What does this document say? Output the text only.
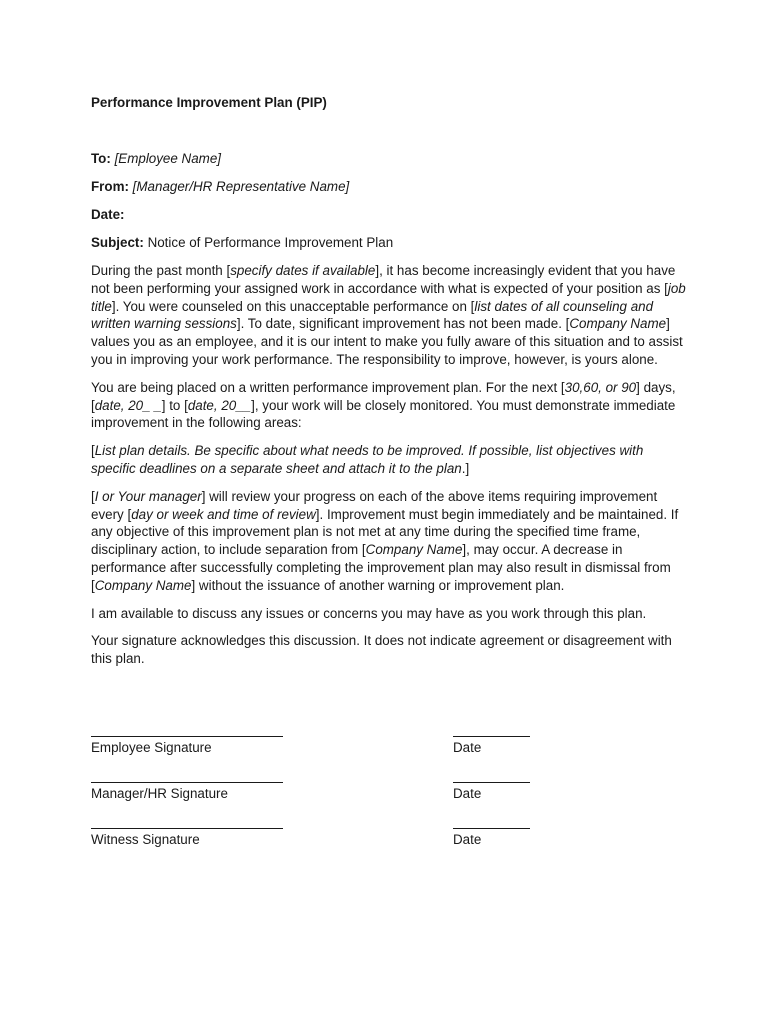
Performance Improvement Plan (PIP)

To: [Employee Name]

From: [Manager/HR Representative Name]

Date:

Subject: Notice of Performance Improvement Plan

During the past month [specify dates if available], it has become increasingly evident that you have not been performing your assigned work in accordance with what is expected of your position as [job title]. You were counseled on this unacceptable performance on [list dates of all counseling and written warning sessions]. To date, significant improvement has not been made. [Company Name] values you as an employee, and it is our intent to make you fully aware of this situation and to assist you in improving your work performance. The responsibility to improve, however, is yours alone.

You are being placed on a written performance improvement plan. For the next [30,60, or 90] days, [date, 20_ _] to [date, 20__], your work will be closely monitored. You must demonstrate immediate improvement in the following areas:

[List plan details. Be specific about what needs to be improved. If possible, list objectives with specific deadlines on a separate sheet and attach it to the plan.]

[I or Your manager] will review your progress on each of the above items requiring improvement every [day or week and time of review]. Improvement must begin immediately and be maintained. If any objective of this improvement plan is not met at any time during the specified time frame, disciplinary action, to include separation from [Company Name], may occur. A decrease in performance after successfully completing the improvement plan may also result in dismissal from [Company Name] without the issuance of another warning or improvement plan.

I am available to discuss any issues or concerns you may have as you work through this plan.

Your signature acknowledges this discussion. It does not indicate agreement or disagreement with this plan.

Employee Signature	Date
Manager/HR Signature	Date
Witness Signature	Date
